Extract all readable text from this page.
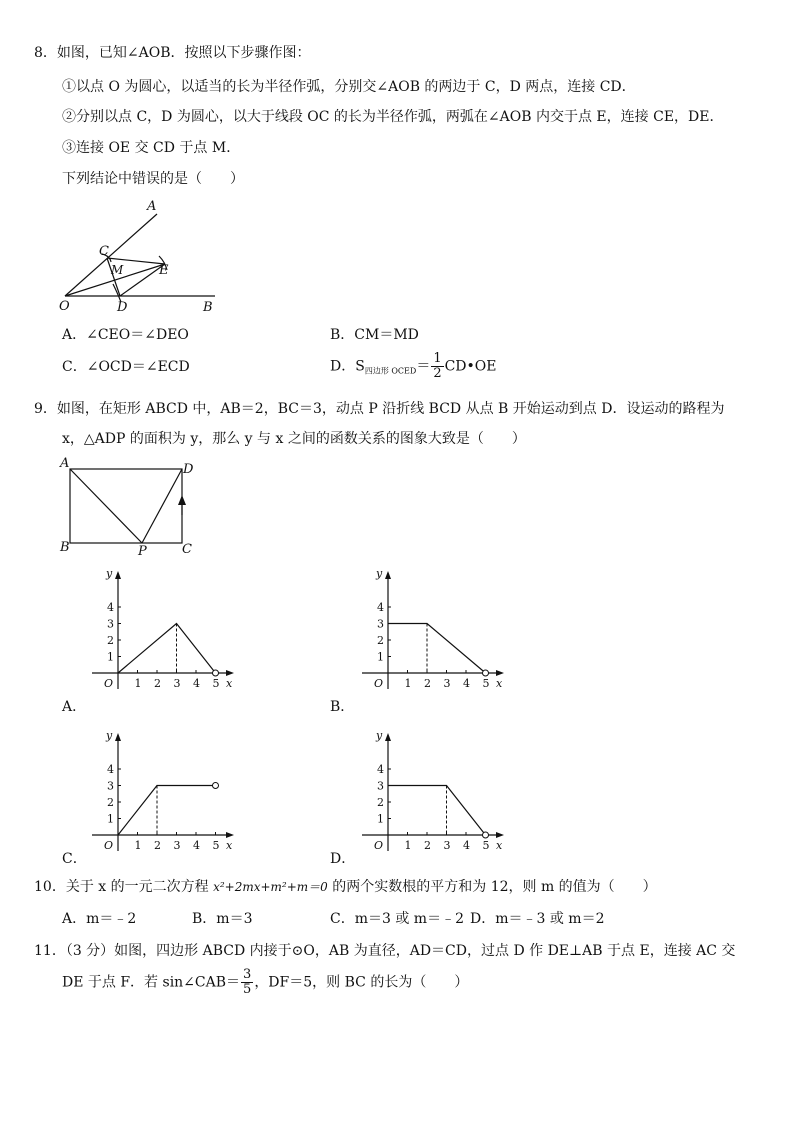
8．如图，已知∠AOB．按照以下步骤作图：
①以点 O 为圆心，以适当的长为半径作弧，分别交∠AOB 的两边于 C，D 两点，连接 CD．
②分别以点 C，D 为圆心，以大于线段 OC 的长为半径作弧，两弧在∠AOB 内交于点 E，连接 CE，DE．
③连接 OE 交 CD 于点 M．
下列结论中错误的是（　　）
A
C
M	E
O	D	B
A．∠CEO＝∠DEO	B．CM＝MD
C．∠OCD＝∠ECD	D．$S_{四边形 OCED}= \frac{1}{2}$ CD•OE
9．如图，在矩形 ABCD 中，AB＝2，BC＝3，动点 P 沿折线 BCD 从点 B 开始运动到点 D．设运动的路程为
x，△ADP 的面积为 y，那么 y 与 x 之间的函数关系的图象大致是（　　）
A	D
B	P	C
y
x
O 1 2 3 4 5
1
2
3
4
y
x
O 1 2 3 4 5
1
2
3
4
y
x
O 1 2 3 4 5
1
2
3
4
y
x
O 1 2 3 4 5
1
2
3
4
A．	B．
C．	D．
10．关于 x 的一元二次方程 x²+2mx+m²+m＝0 的两个实数根的平方和为 12，则 m 的值为（　　）
A．m＝﹣2	B．m＝3	C．m＝3 或 m＝﹣2 D．m＝﹣3 或 m＝2
11．（3 分）如图，四边形 ABCD 内接于⊙O，AB 为直径，AD＝CD，过点 D 作 DE⊥AB 于点 E，连接 AC 交
DE 于点 F．若 sin∠CAB＝ $\frac{3}{5}$ ，DF＝5，则 BC 的长为（　　）
